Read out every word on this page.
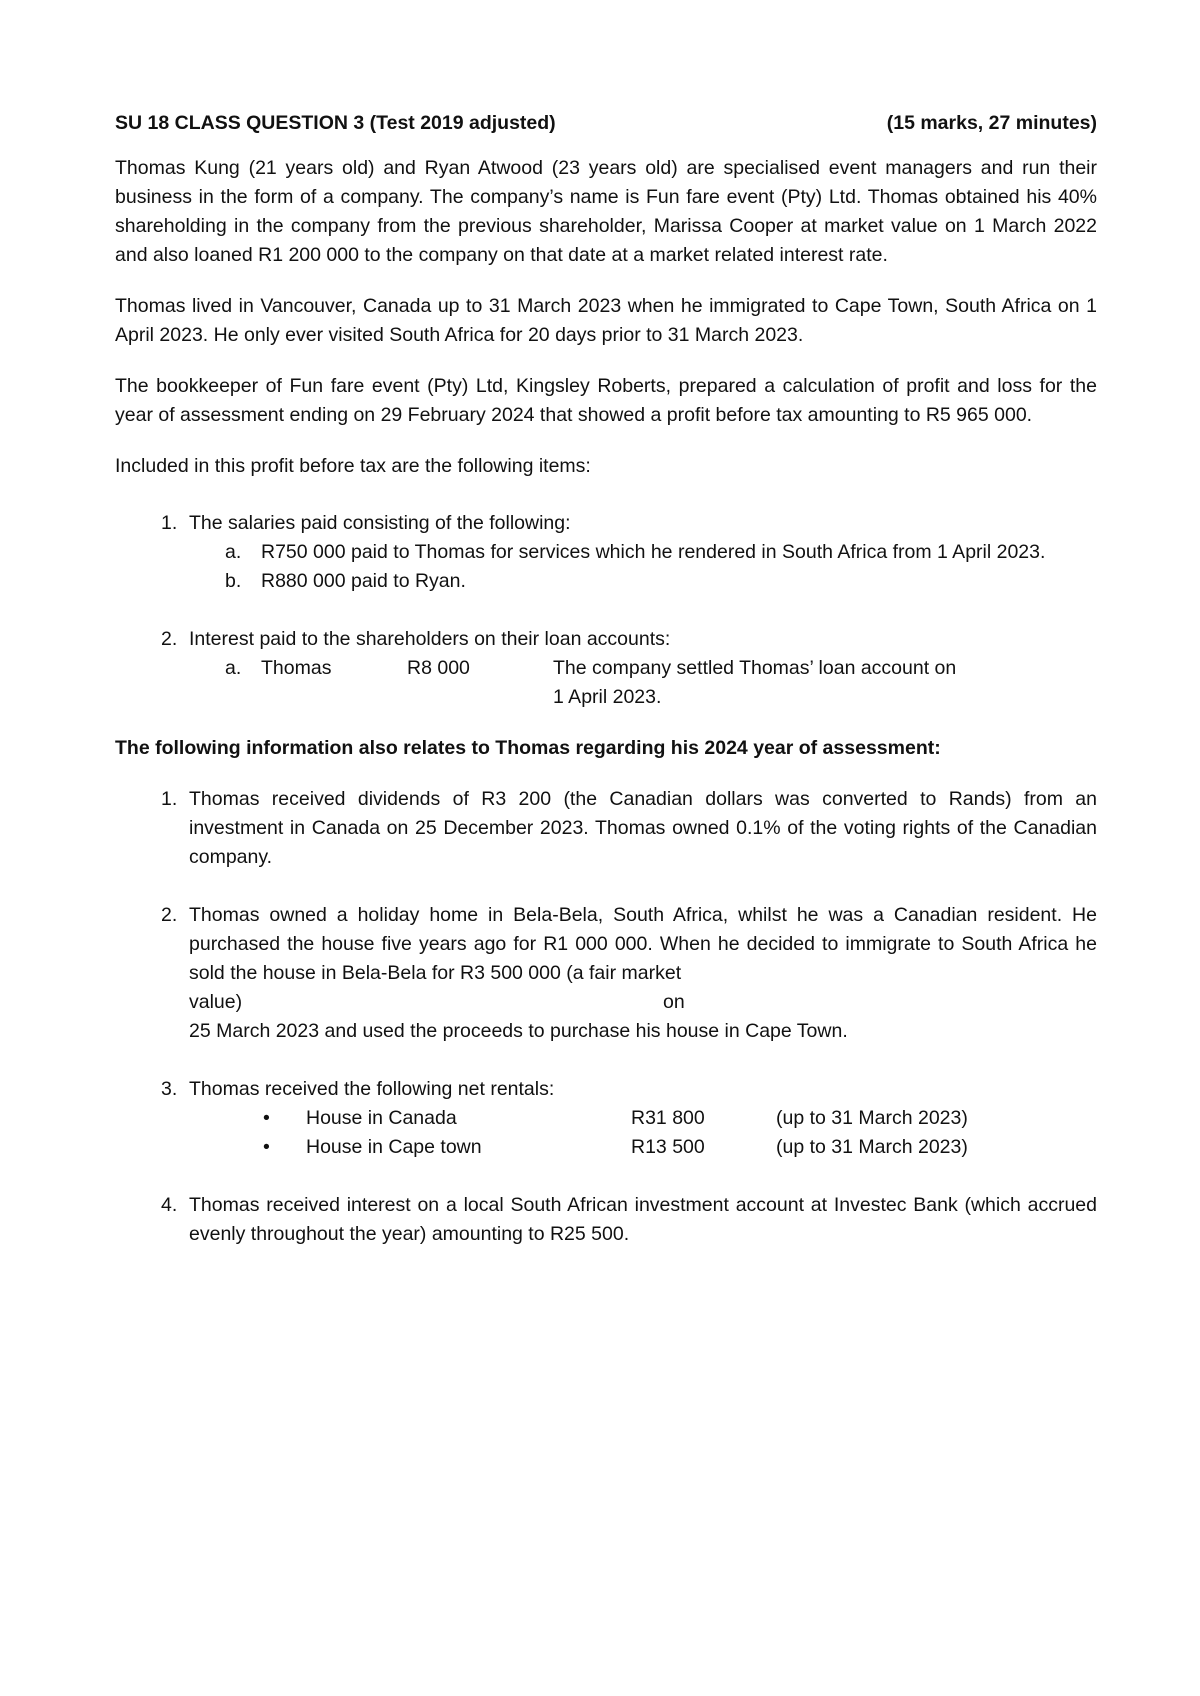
SU 18 CLASS QUESTION 3 (Test 2019 adjusted)	(15 marks, 27 minutes)

Thomas Kung (21 years old) and Ryan Atwood (23 years old) are specialised event managers and run their business in the form of a company. The company’s name is Fun fare event (Pty) Ltd. Thomas obtained his 40% shareholding in the company from the previous shareholder, Marissa Cooper at market value on 1 March 2022 and also loaned R1 200 000 to the company on that date at a market related interest rate.

Thomas lived in Vancouver, Canada up to 31 March 2023 when he immigrated to Cape Town, South Africa on 1 April 2023. He only ever visited South Africa for 20 days prior to 31 March 2023.

The bookkeeper of Fun fare event (Pty) Ltd, Kingsley Roberts, prepared a calculation of profit and loss for the year of assessment ending on 29 February 2024 that showed a profit before tax amounting to R5 965 000.

Included in this profit before tax are the following items:

1. The salaries paid consisting of the following:
a.	R750 000 paid to Thomas for services which he rendered in South Africa from 1 April 2023.
b.	R880 000 paid to Ryan.
2. Interest paid to the shareholders on their loan accounts:
a.	Thomas	R8 000	The company settled Thomas’ loan account on
1 April 2023.
The following information also relates to Thomas regarding his 2024 year of assessment:
1. Thomas received dividends of R3 200 (the Canadian dollars was converted to Rands) from an investment in Canada on 25 December 2023. Thomas owned 0.1% of the voting rights of the Canadian company.
2. Thomas owned a holiday home in Bela-Bela, South Africa, whilst he was a Canadian resident. He purchased the house five years ago for R1 000 000. When he decided to immigrate to South Africa he sold the house in Bela-Bela for R3 500 000 (a fair market
value)	on
25 March 2023 and used the proceeds to purchase his house in Cape Town.
3. Thomas received the following net rentals:
•	House in Canada	R31 800	(up to 31 March 2023)
•	House in Cape town	R13 500	(up to 31 March 2023)
4. Thomas received interest on a local South African investment account at Investec Bank (which accrued evenly throughout the year) amounting to R25 500.
